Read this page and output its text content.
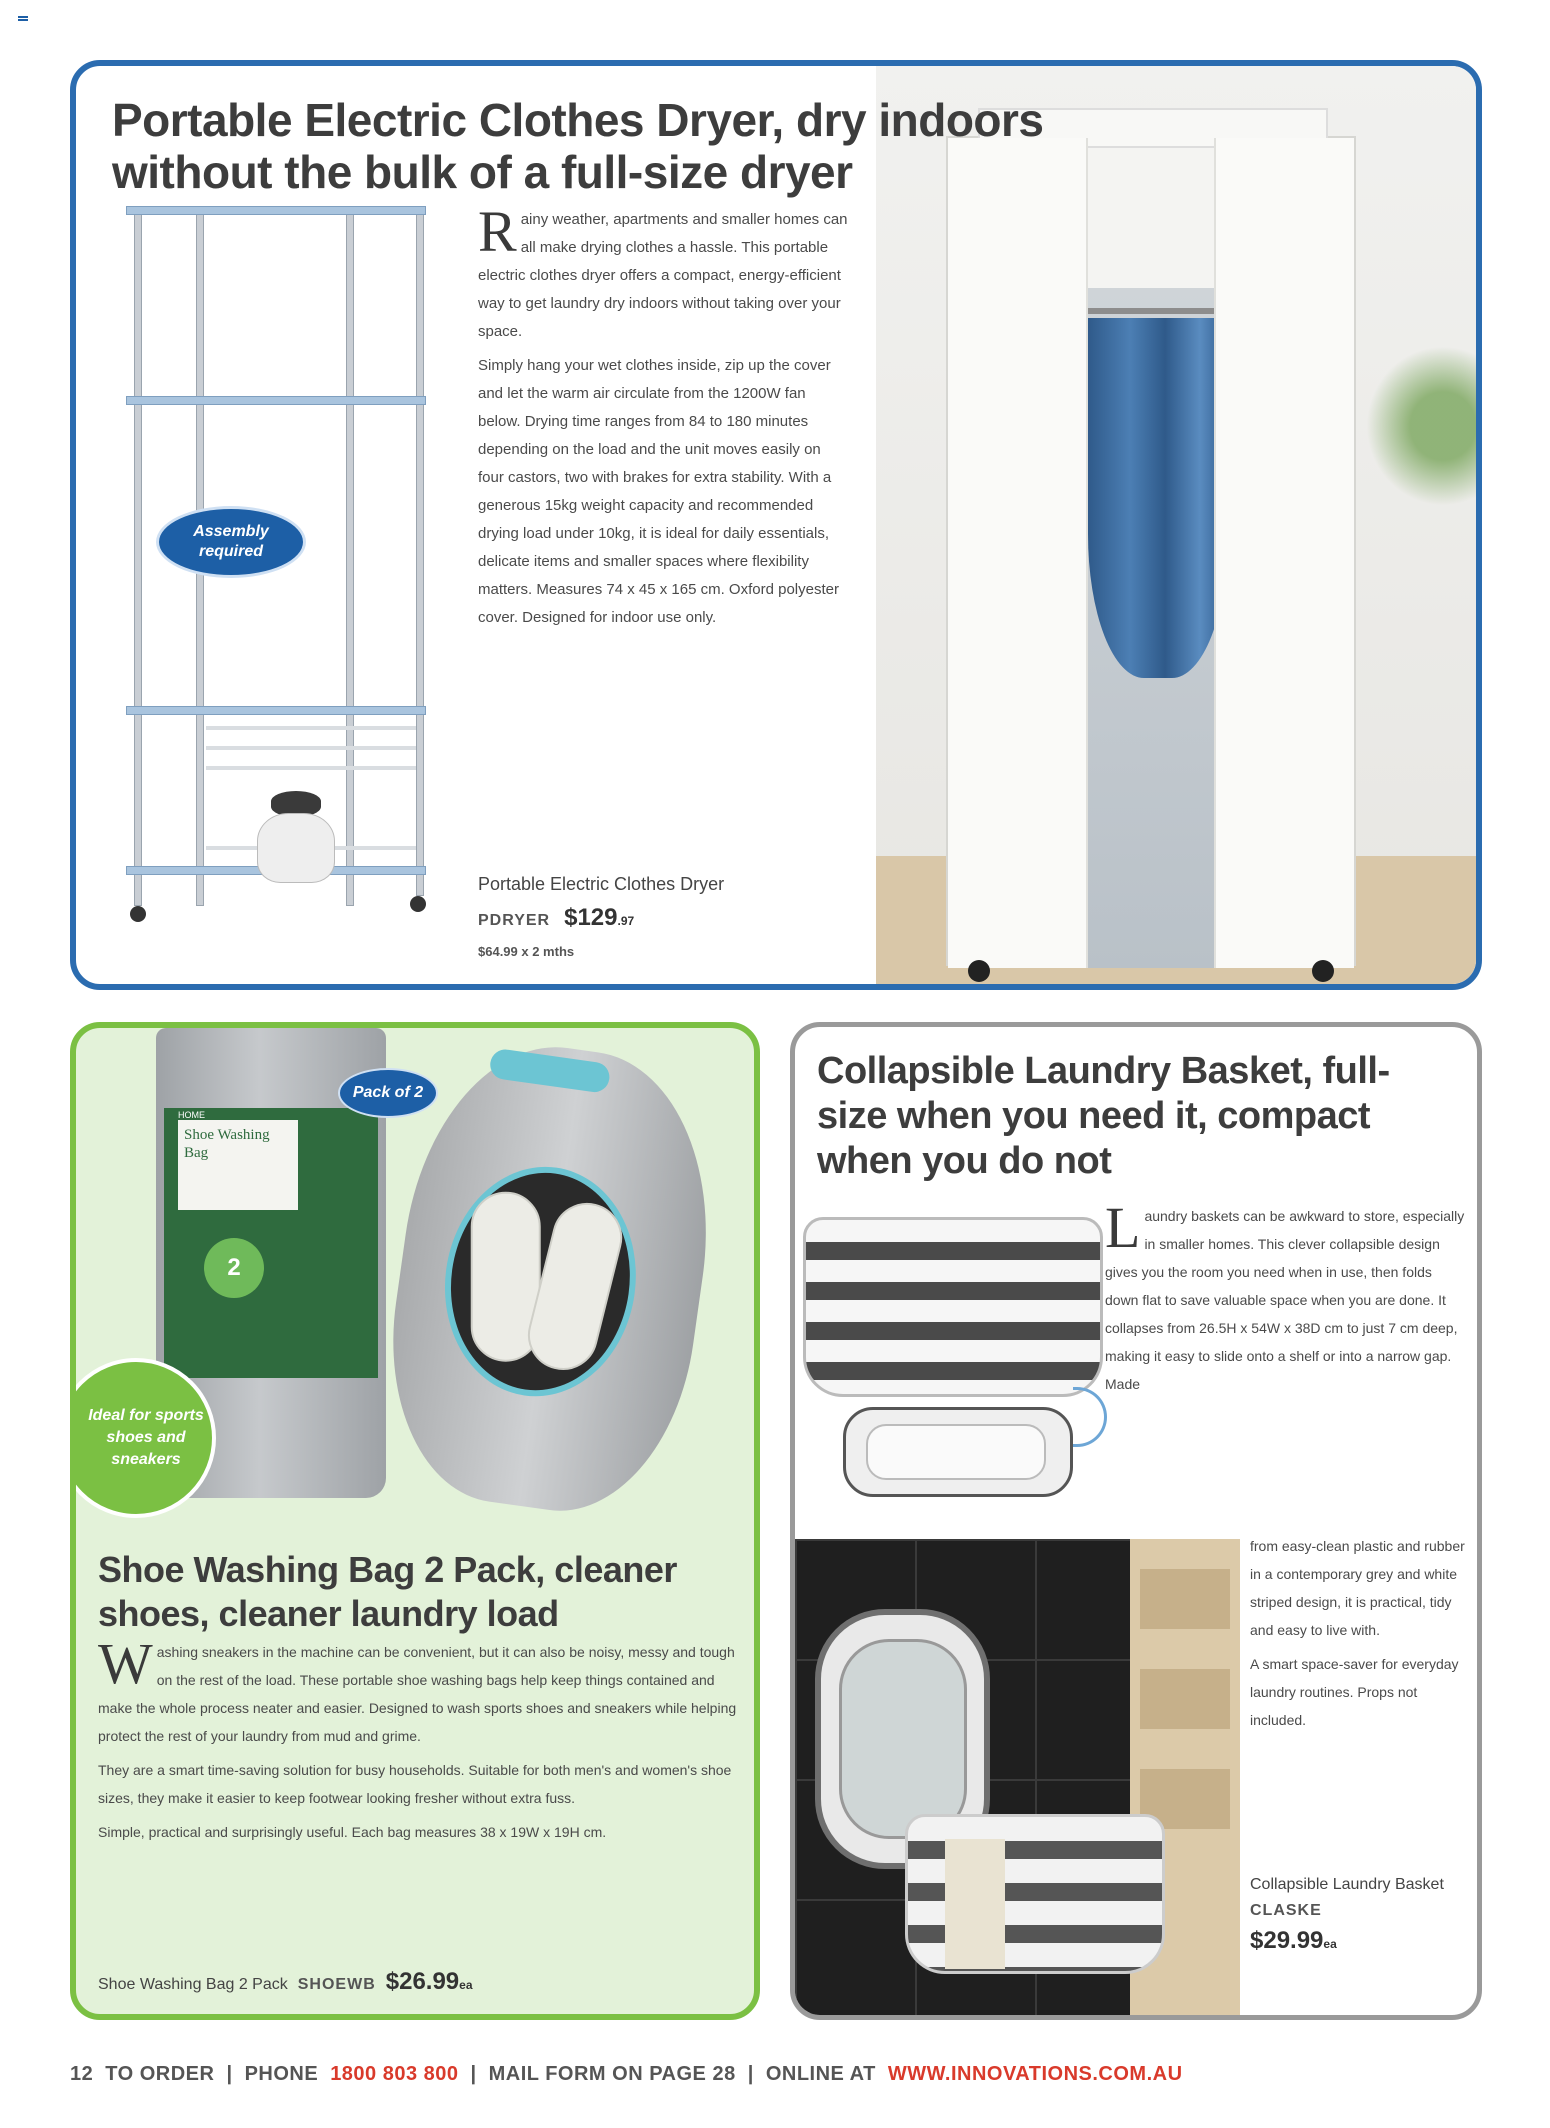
Portable Electric Clothes Dryer, dry indoors without the bulk of a full-size dryer
Assembly required

Rainy weather, apartments and smaller homes can all make drying clothes a hassle. This portable electric clothes dryer offers a compact, energy-efficient way to get laundry dry indoors without taking over your space.

Simply hang your wet clothes inside, zip up the cover and let the warm air circulate from the 1200W fan below. Drying time ranges from 84 to 180 minutes depending on the load and the unit moves easily on four castors, two with brakes for extra stability. With a generous 15kg weight capacity and recommended drying load under 10kg, it is ideal for daily essentials, delicate items and smaller spaces where flexibility matters. Measures 74 x 45 x 165 cm. Oxford polyester cover. Designed for indoor use only.

Portable Electric Clothes Dryer
PDRYER $129.97
$64.99 x 2 mths
HOME
Shoe Washing Bag
2
Pack of 2
Ideal for sports shoes and sneakers
Shoe Washing Bag 2 Pack, cleaner shoes, cleaner laundry load

Washing sneakers in the machine can be convenient, but it can also be noisy, messy and tough on the rest of the load. These portable shoe washing bags help keep things contained and make the whole process neater and easier. Designed to wash sports shoes and sneakers while helping protect the rest of your laundry from mud and grime.

They are a smart time-saving solution for busy households. Suitable for both men's and women's shoe sizes, they make it easier to keep footwear looking fresher without extra fuss.

Simple, practical and surprisingly useful. Each bag measures 38 x 19W x 19H cm.

Shoe Washing Bag 2 Pack SHOEWB $26.99ea
Collapsible Laundry Basket, full-size when you need it, compact when you do not

Laundry baskets can be awkward to store, especially in smaller homes. This clever collapsible design gives you the room you need when in use, then folds down flat to save valuable space when you are done. It collapses from 26.5H x 54W x 38D cm to just 7 cm deep, making it easy to slide onto a shelf or into a narrow gap. Made

from easy-clean plastic and rubber in a contemporary grey and white striped design, it is practical, tidy and easy to live with.

A smart space-saver for everyday laundry routines. Props not included.

Collapsible Laundry Basket CLASKE
$29.99ea
12 TO ORDER | PHONE 1800 803 800 | MAIL FORM ON PAGE 28 | ONLINE AT WWW.INNOVATIONS.COM.AU
